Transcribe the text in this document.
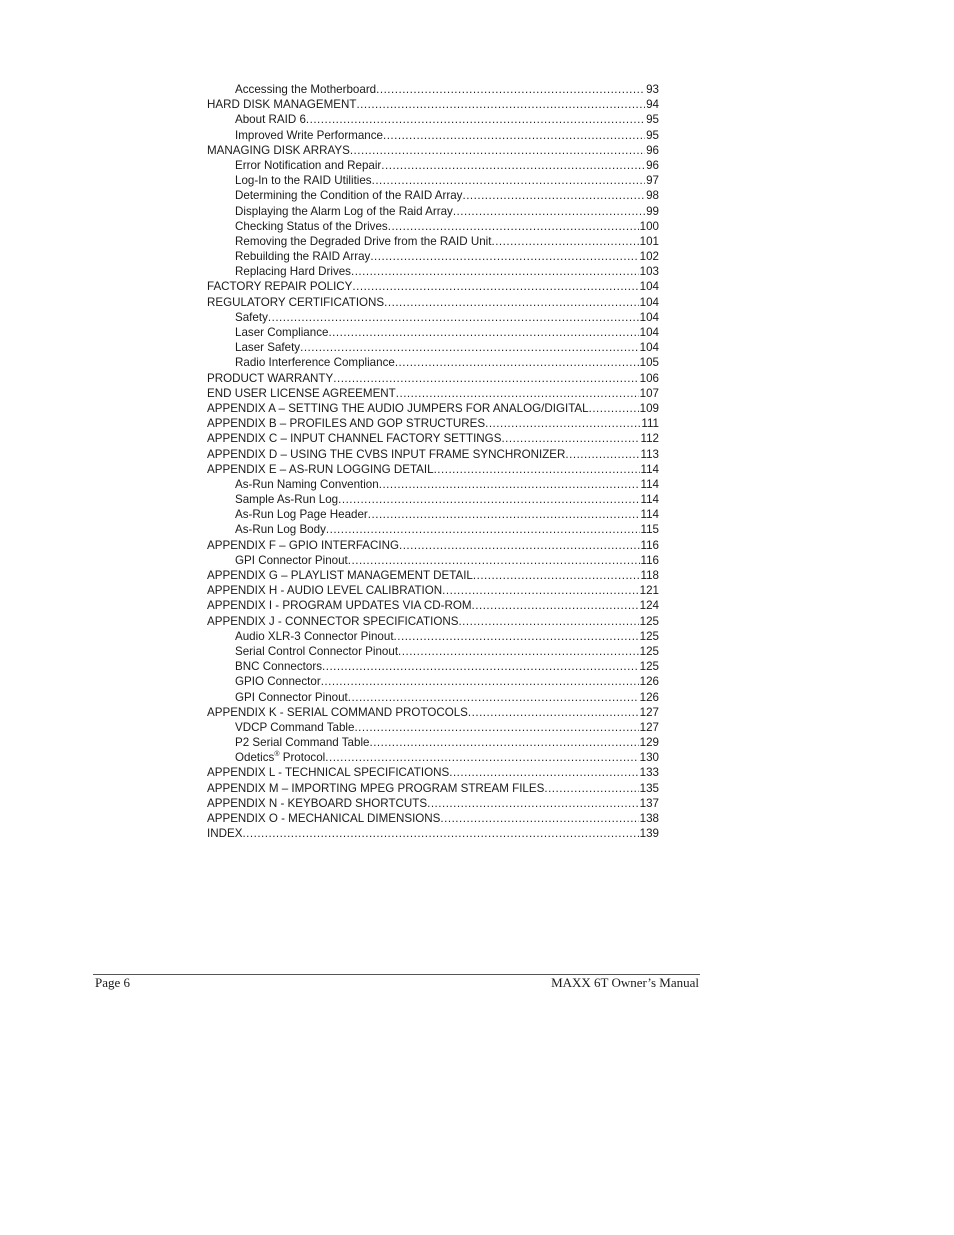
Accessing the Motherboard .....	93
HARD DISK MANAGEMENT .....	94
About RAID 6 .....	95
Improved Write Performance .....	95
MANAGING DISK ARRAYS .....	96
Error Notification and Repair .....	96
Log-In to the RAID Utilities .....	97
Determining the Condition of the RAID Array .....	98
Displaying the Alarm Log of the Raid Array .....	99
Checking Status of the Drives .....	100
Removing the Degraded Drive from the RAID Unit .....	101
Rebuilding the RAID Array .....	102
Replacing Hard Drives .....	103
FACTORY REPAIR POLICY .....	104
REGULATORY CERTIFICATIONS .....	104
Safety .....	104
Laser Compliance .....	104
Laser Safety .....	104
Radio Interference Compliance .....	105
PRODUCT WARRANTY .....	106
END USER LICENSE AGREEMENT .....	107
APPENDIX A – SETTING THE AUDIO JUMPERS FOR ANALOG/DIGITAL .....	109
APPENDIX B – PROFILES AND GOP STRUCTURES .....	111
APPENDIX C – INPUT CHANNEL FACTORY SETTINGS .....	112
APPENDIX D – USING THE CVBS INPUT FRAME SYNCHRONIZER .....	113
APPENDIX E – AS-RUN LOGGING DETAIL .....	114
As-Run Naming Convention .....	114
Sample As-Run Log .....	114
As-Run Log Page Header .....	114
As-Run Log Body .....	115
APPENDIX F – GPIO INTERFACING .....	116
GPI Connector Pinout .....	116
APPENDIX G – PLAYLIST MANAGEMENT DETAIL .....	118
APPENDIX H - AUDIO LEVEL CALIBRATION .....	121
APPENDIX I - PROGRAM UPDATES VIA CD-ROM .....	124
APPENDIX J - CONNECTOR SPECIFICATIONS .....	125
Audio XLR-3 Connector Pinout .....	125
Serial Control Connector Pinout .....	125
BNC Connectors .....	125
GPIO Connector .....	126
GPI Connector Pinout .....	126
APPENDIX K - SERIAL COMMAND PROTOCOLS .....	127
VDCP Command Table .....	127
P2 Serial Command Table .....	129
Odetics® Protocol .....	130
APPENDIX L - TECHNICAL SPECIFICATIONS .....	133
APPENDIX M – IMPORTING MPEG PROGRAM STREAM FILES .....	135
APPENDIX N - KEYBOARD SHORTCUTS .....	137
APPENDIX O - MECHANICAL DIMENSIONS .....	138
INDEX .....	139
Page 6	MAXX 6T Owner’s Manual
